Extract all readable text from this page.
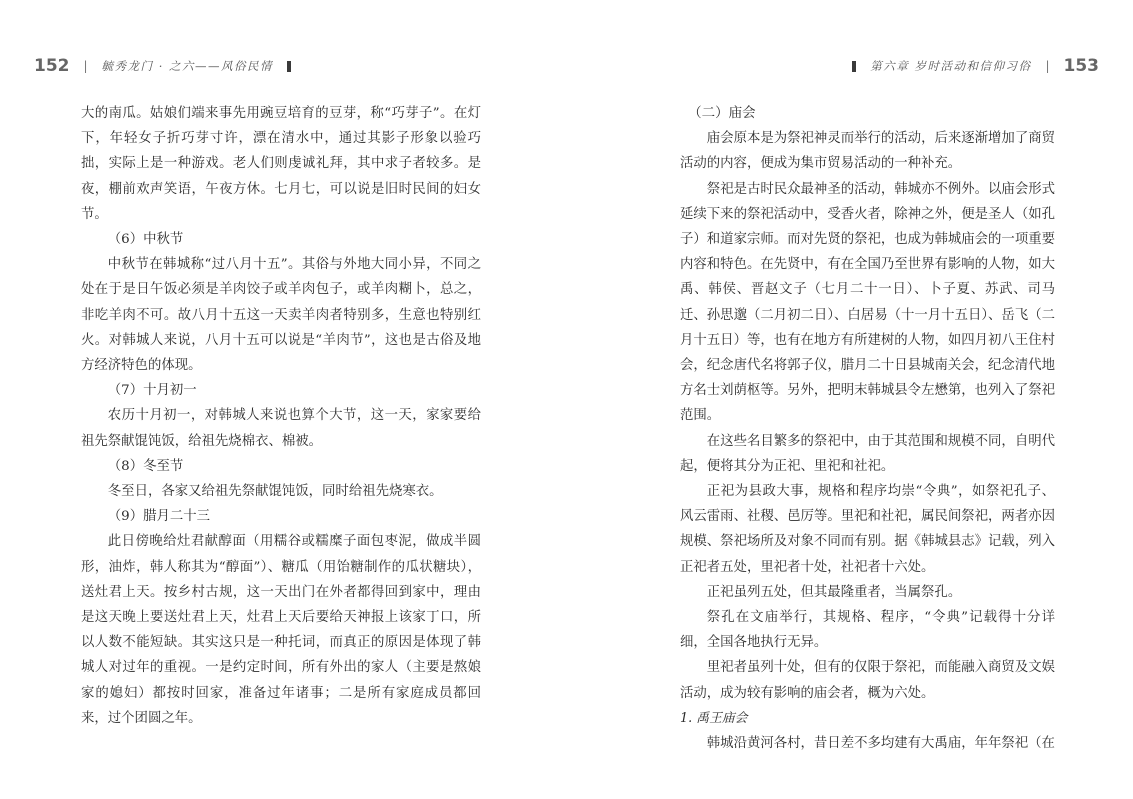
152 | 毓秀龙门 · 之六——风俗民情

大的南瓜。姑娘们端来事先用豌豆培育的豆芽，称“巧芽子”。在灯下，年轻女子折巧芽寸许，漂在清水中，通过其影子形象以验巧拙，实际上是一种游戏。老人们则虔诚礼拜，其中求子者较多。是夜，棚前欢声笑语，午夜方休。七月七，可以说是旧时民间的妇女节。

（6）中秋节

中秋节在韩城称“过八月十五”。其俗与外地大同小异，不同之处在于是日午饭必须是羊肉饺子或羊肉包子，或羊肉糊卜，总之，非吃羊肉不可。故八月十五这一天卖羊肉者特别多，生意也特别红火。对韩城人来说，八月十五可以说是“羊肉节”，这也是古俗及地方经济特色的体现。

（7）十月初一

农历十月初一，对韩城人来说也算个大节，这一天，家家要给祖先祭献馄饨饭，给祖先烧棉衣、棉被。

（8）冬至节

冬至日，各家又给祖先祭献馄饨饭，同时给祖先烧寒衣。

（9）腊月二十三

此日傍晚给灶君献醇面（用糯谷或糯糜子面包枣泥，做成半圆形，油炸，韩人称其为“醇面”）、糖瓜（用饴糖制作的瓜状糖块），送灶君上天。按乡村古规，这一天出门在外者都得回到家中，理由是这天晚上要送灶君上天，灶君上天后要给天神报上该家丁口，所以人数不能短缺。其实这只是一种托词，而真正的原因是体现了韩城人对过年的重视。一是约定时间，所有外出的家人（主要是熬娘家的媳妇）都按时回家，准备过年诸事；二是所有家庭成员都回来，过个团圆之年。

第六章 岁时活动和信仰习俗 | 153

（二）庙会

庙会原本是为祭祀神灵而举行的活动，后来逐渐增加了商贸活动的内容，便成为集市贸易活动的一种补充。

祭祀是古时民众最神圣的活动，韩城亦不例外。以庙会形式延续下来的祭祀活动中，受香火者，除神之外，便是圣人（如孔子）和道家宗师。而对先贤的祭祀，也成为韩城庙会的一项重要内容和特色。在先贤中，有在全国乃至世界有影响的人物，如大禹、韩侯、晋赵文子（七月二十一日）、卜子夏、苏武、司马迁、孙思邈（二月初二日）、白居易（十一月十五日）、岳飞（二月十五日）等，也有在地方有所建树的人物，如四月初八王住村会，纪念唐代名将郭子仪，腊月二十日县城南关会，纪念清代地方名士刘荫枢等。另外，把明末韩城县令左懋第，也列入了祭祀范围。

在这些名目繁多的祭祀中，由于其范围和规模不同，自明代起，便将其分为正祀、里祀和社祀。

正祀为县政大事，规格和程序均崇“令典”，如祭祀孔子、风云雷雨、社稷、邑厉等。里祀和社祀，属民间祭祀，两者亦因规模、祭祀场所及对象不同而有别。据《韩城县志》记载，列入正祀者五处，里祀者十处，社祀者十六处。

正祀虽列五处，但其最隆重者，当属祭孔。

祭孔在文庙举行，其规格、程序，“令典”记载得十分详细，全国各地执行无异。

里祀者虽列十处，但有的仅限于祭祀，而能融入商贸及文娱活动，成为较有影响的庙会者，概为六处。

1. 禹王庙会

韩城沿黄河各村，昔日差不多均建有大禹庙，年年祭祀（在
